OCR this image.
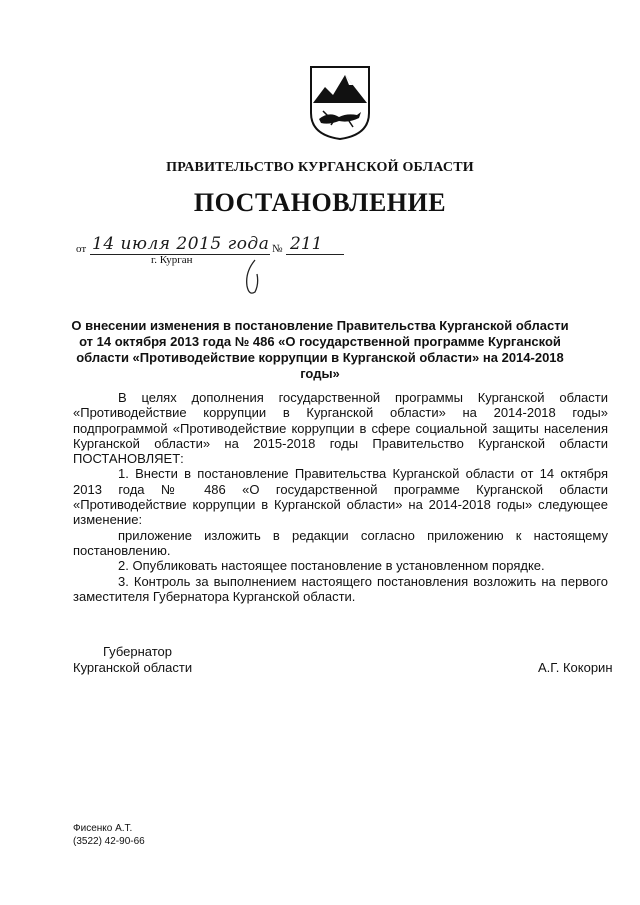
ПРАВИТЕЛЬСТВО КУРГАНСКОЙ ОБЛАСТИ
ПОСТАНОВЛЕНИЕ
от 14 июля 2015 года № 211
г. Курган
О внесении изменения в постановление Правительства Курганской области
от 14 октября 2013 года № 486 «О государственной программе Курганской
области «Противодействие коррупции в Курганской области» на 2014-2018 годы»

В целях дополнения государственной программы Курганской области «Противодействие коррупции в Курганской области» на 2014-2018 годы» подпрограммой «Противодействие коррупции в сфере социальной защиты населения Курганской области» на 2015-2018 годы Правительство Курганской области ПОСТАНОВЛЯЕТ:

1. Внести в постановление Правительства Курганской области от 14 октября 2013 года № 486 «О государственной программе Курганской области «Противодействие коррупции в Курганской области» на 2014-2018 годы» следующее изменение:

приложение изложить в редакции согласно приложению к настоящему постановлению.

2. Опубликовать настоящее постановление в установленном порядке.

3. Контроль за выполнением настоящего постановления возложить на первого заместителя Губернатора Курганской области.

Губернатор
Курганской области	А.Г. Кокорин
Фисенко А.Т.
(3522) 42-90-66
